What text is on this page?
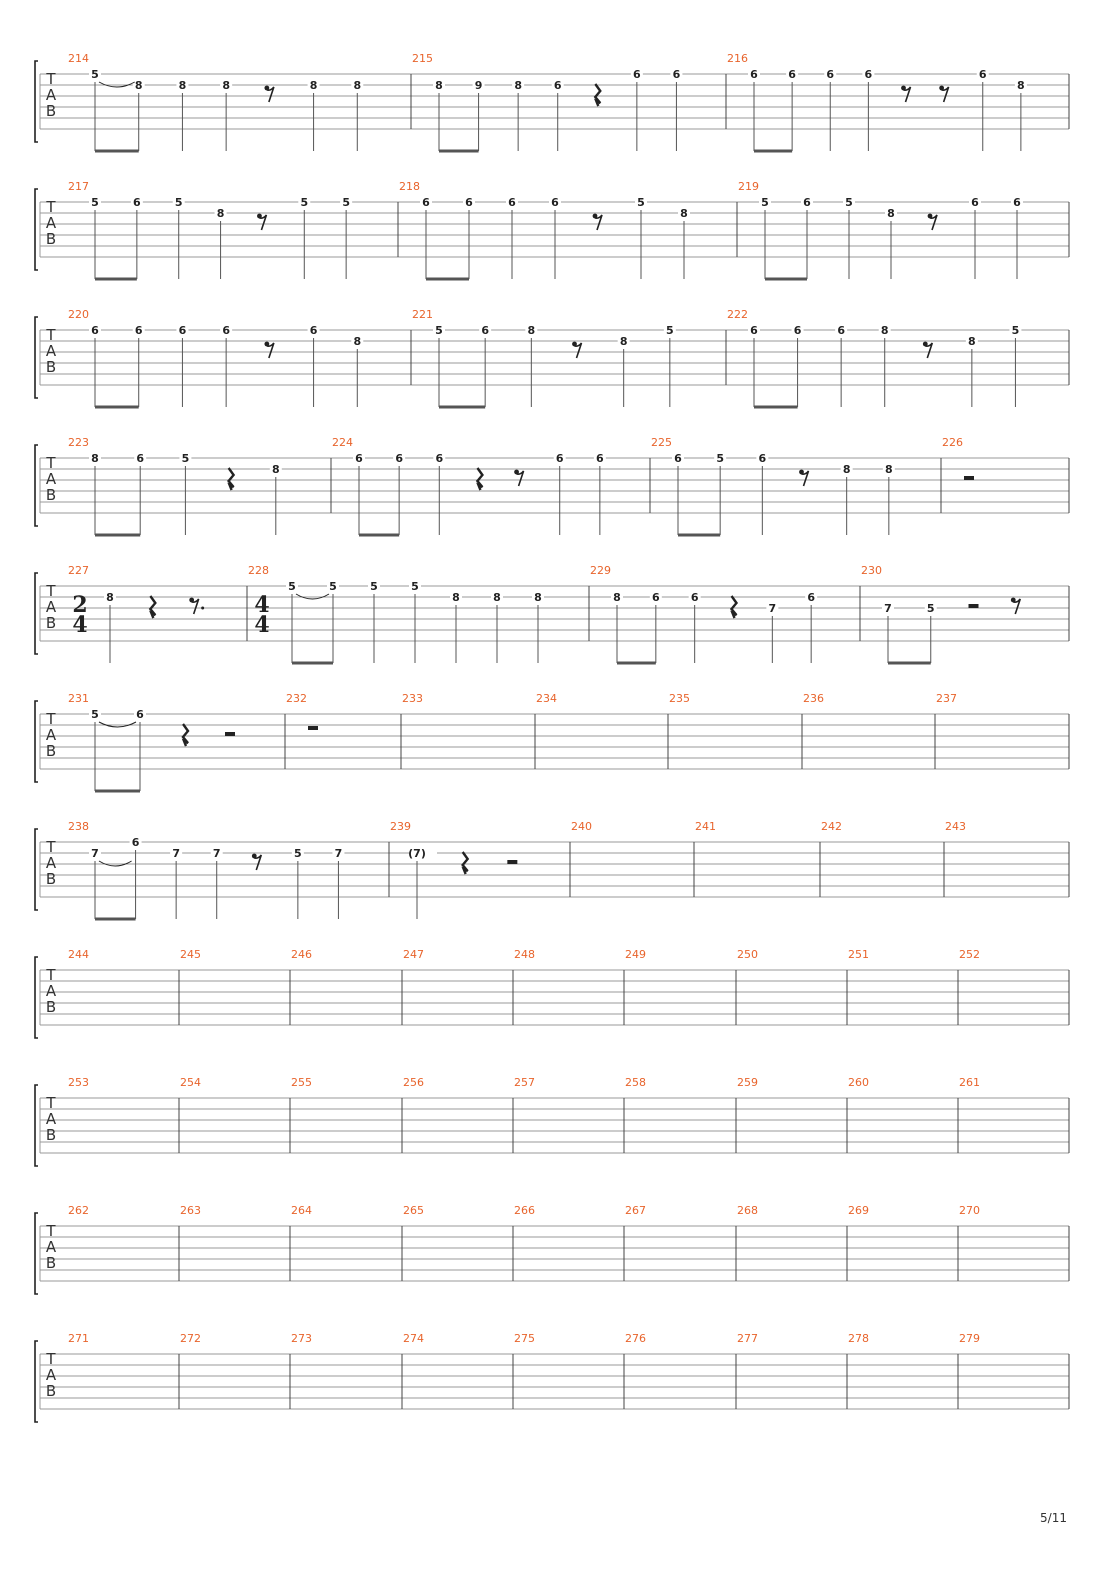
T
A
B
214
5
8	8	8	8	8
215
8	9	8	6
6	6
216
6	6	6	6	6
8
T
A
B
217
5	6	5
8
5	5
218
6	6	6	6	5
8
219
5	6	5
8
6	6
T
A
B
220
6	6	6	6	6
8
221
5	6	8
8
5
222
6	6	6	8
8
5
T
A
B
223
8	6	5
8
224
6	6	6	6	6
225
6	5	6
8	8
226
T
A
B
227
2
4
8
228
4
4
5	5	5	5
8	8	8
229
8	6	6
7
6
230
7	5
T
A
B
231
5	6
232	233	234	235	236	237
T
A
B
238
7
6
7	7	5	7
239
(7)
240	241	242	243
T
A
B
244	245	246	247	248	249	250	251	252
T
A
B
253	254	255	256	257	258	259	260	261
T
A
B
262	263	264	265	266	267	268	269	270
T
A
B
271	272	273	274	275	276	277	278	279
5/11
